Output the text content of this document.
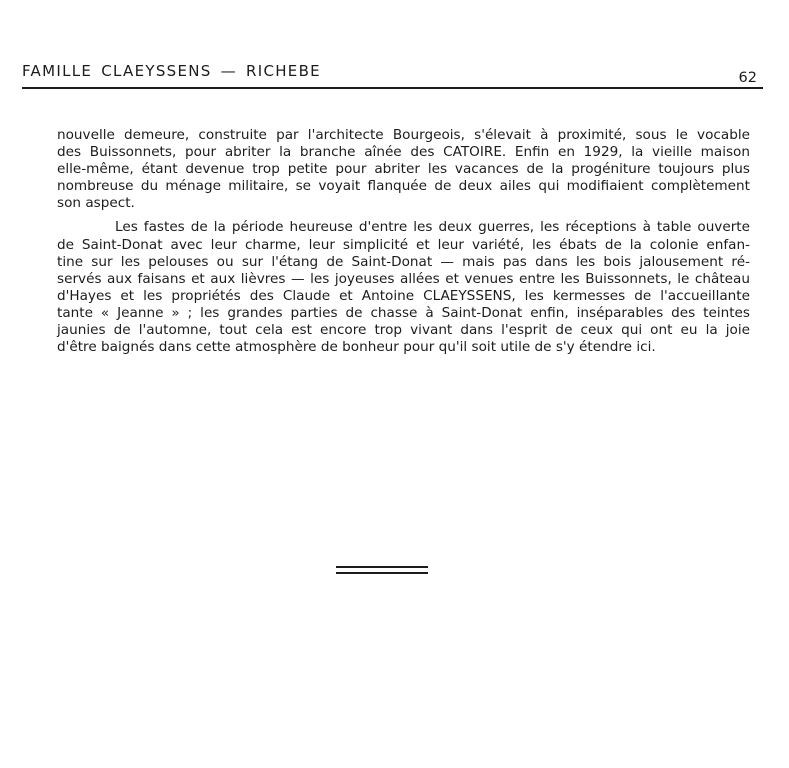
FAMILLE CLAEYSSENS — RICHEBE	62

nouvelle demeure, construite par l'architecte Bourgeois, s'élevait à proximité, sous le vocable
des Buissonnets, pour abriter la branche aînée des CATOIRE. Enfin en 1929, la vieille maison
elle-même, étant devenue trop petite pour abriter les vacances de la progéniture toujours plus
nombreuse du ménage militaire, se voyait flanquée de deux ailes qui modifiaient complètement
son aspect.

Les fastes de la période heureuse d'entre les deux guerres, les réceptions à table ouverte
de Saint-Donat avec leur charme, leur simplicité et leur variété, les ébats de la colonie enfan-
tine sur les pelouses ou sur l'étang de Saint-Donat — mais pas dans les bois jalousement ré-
servés aux faisans et aux lièvres — les joyeuses allées et venues entre les Buissonnets, le château
d'Hayes et les propriétés des Claude et Antoine CLAEYSSENS, les kermesses de l'accueillante
tante « Jeanne » ; les grandes parties de chasse à Saint-Donat enfin, inséparables des teintes
jaunies de l'automne, tout cela est encore trop vivant dans l'esprit de ceux qui ont eu la joie
d'être baignés dans cette atmosphère de bonheur pour qu'il soit utile de s'y étendre ici.
